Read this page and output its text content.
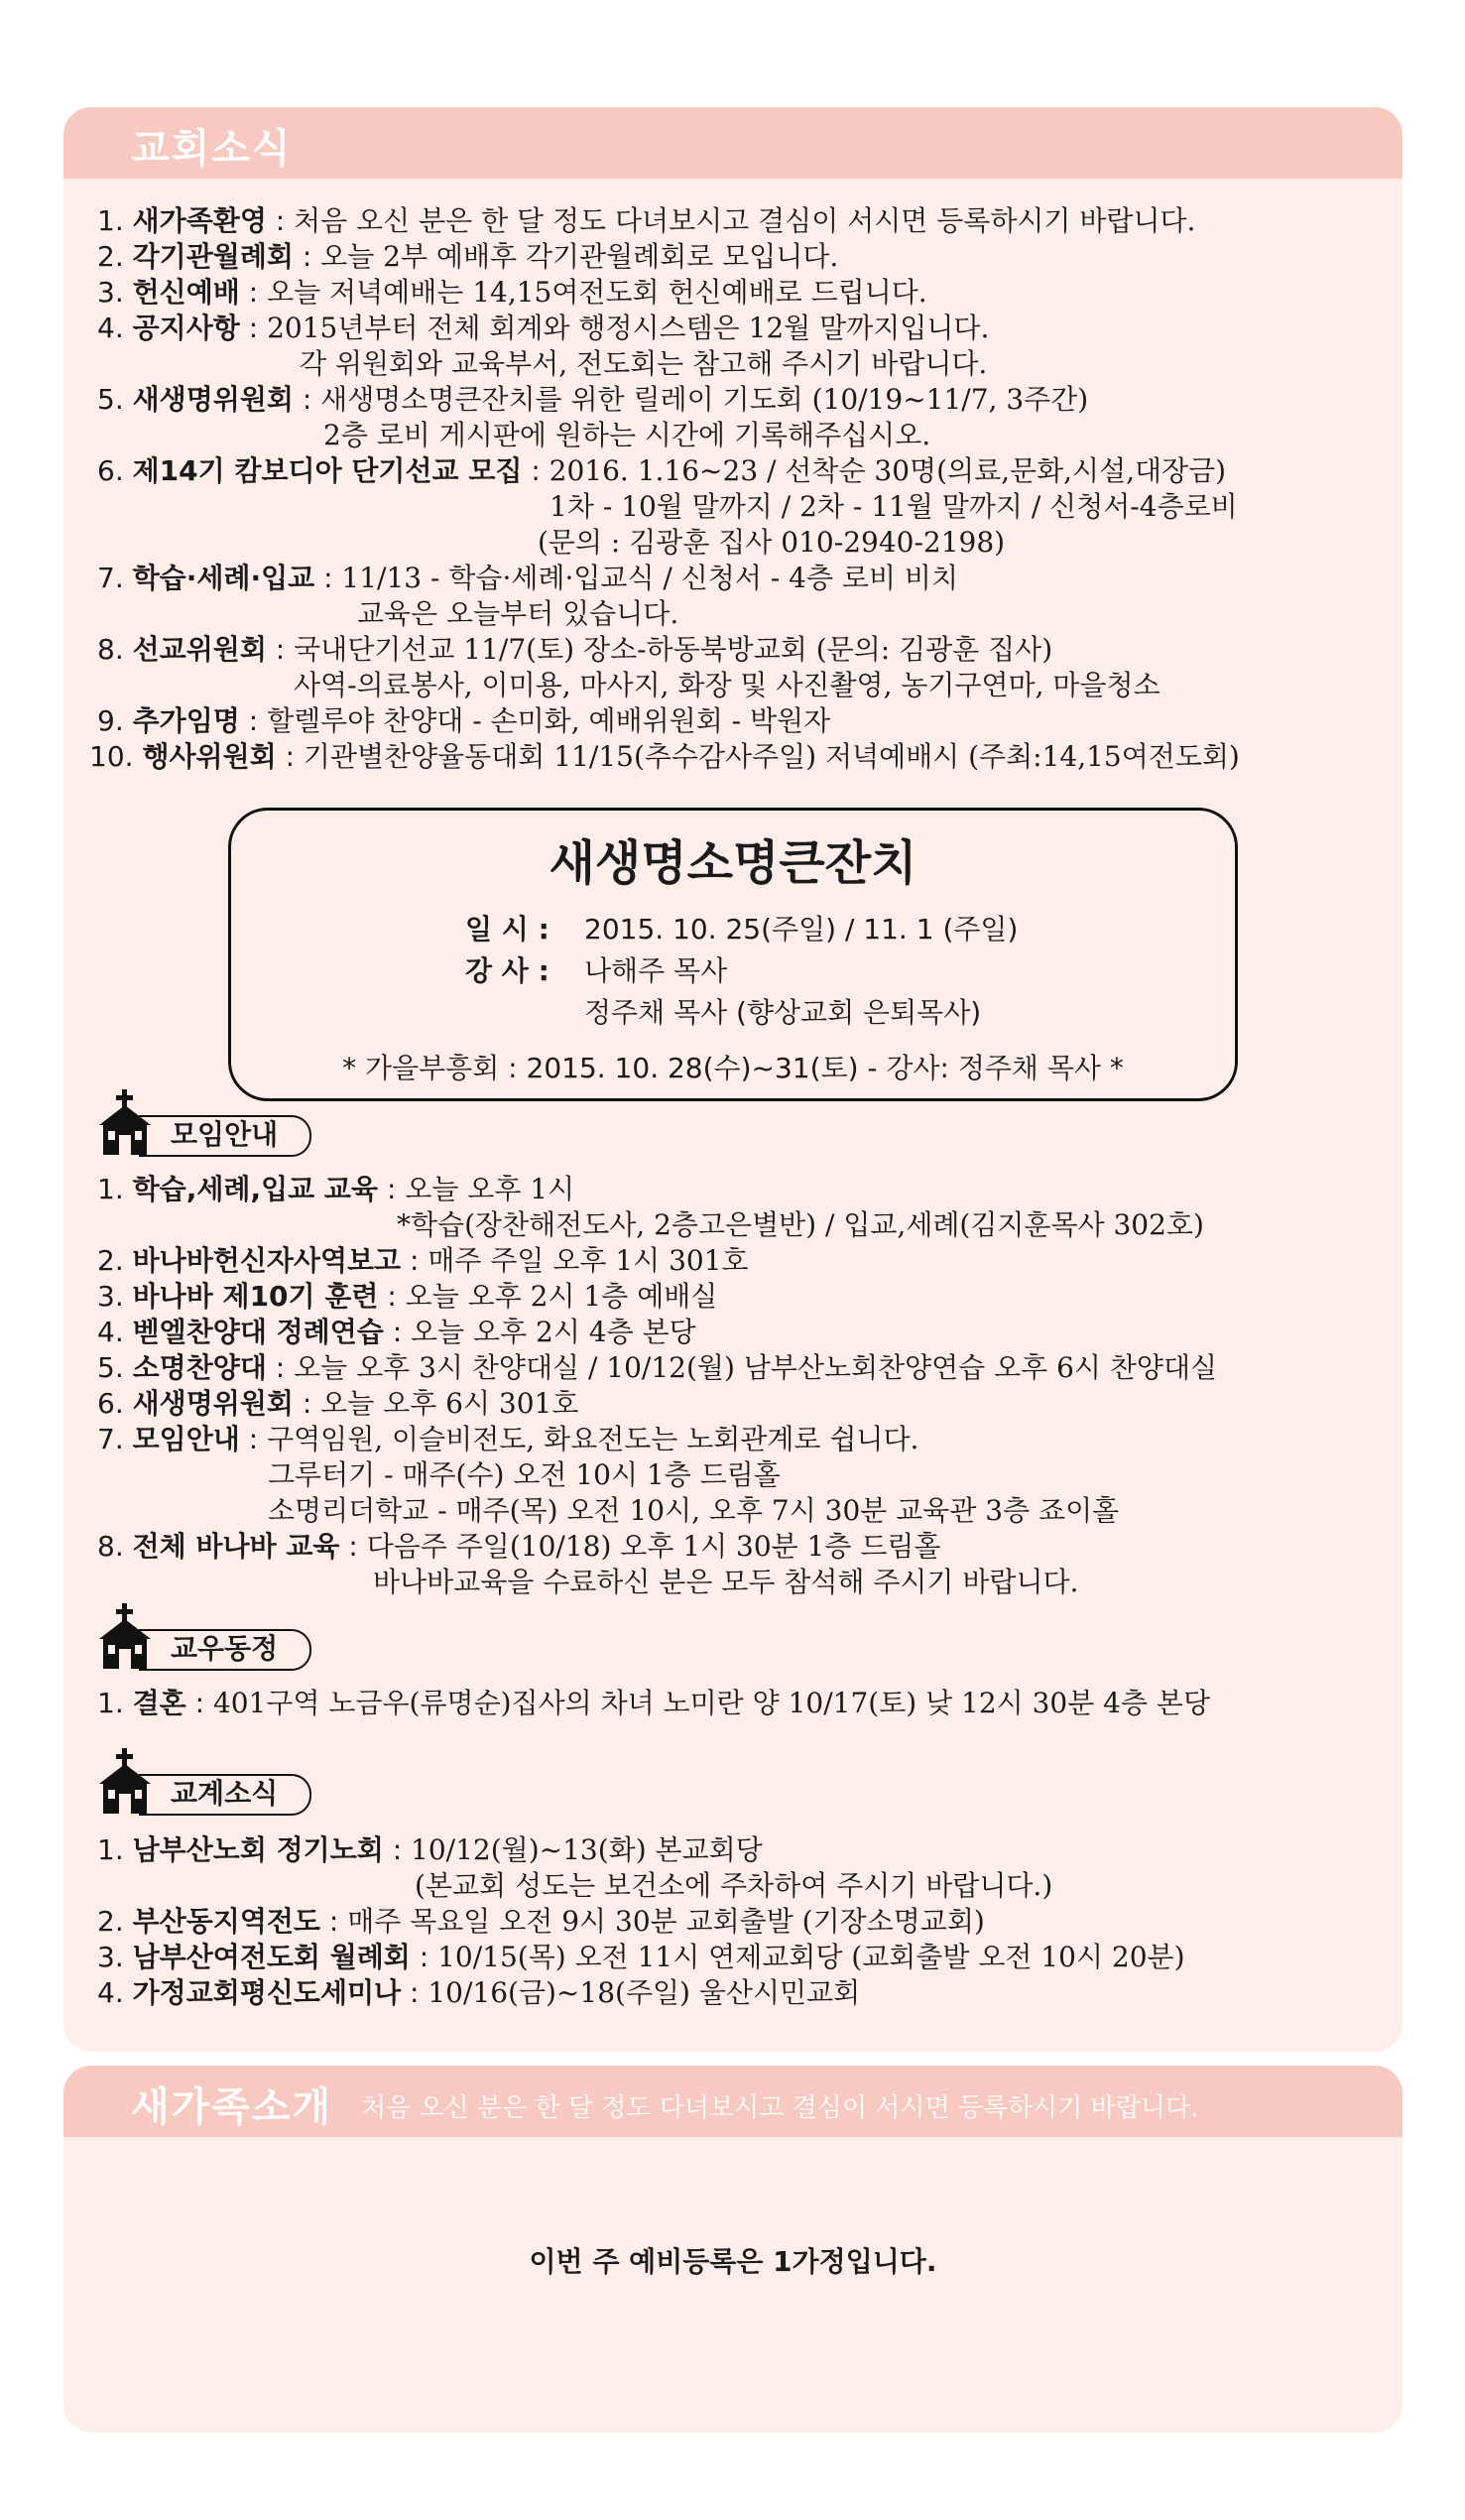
교회소식
1. 새가족환영 : 처음 오신 분은 한 달 정도 다녀보시고 결심이 서시면 등록하시기 바랍니다.
2. 각기관월례회 : 오늘 2부 예배후 각기관월례회로 모입니다.
3. 헌신예배 : 오늘 저녁예배는 14,15여전도회 헌신예배로 드립니다.
4. 공지사항 : 2015년부터 전체 회계와 행정시스템은 12월 말까지입니다.
각 위원회와 교육부서, 전도회는 참고해 주시기 바랍니다.
5. 새생명위원회 : 새생명소명큰잔치를 위한 릴레이 기도회 (10/19~11/7, 3주간)
2층 로비 게시판에 원하는 시간에 기록해주십시오.
6. 제14기 캄보디아 단기선교 모집 : 2016. 1.16~23 / 선착순 30명(의료,문화,시설,대장금)
1차 - 10월 말까지 / 2차 - 11월 말까지 / 신청서-4층로비
(문의 : 김광훈 집사 010-2940-2198)
7. 학습·세례·입교 : 11/13 - 학습·세례·입교식 / 신청서 - 4층 로비 비치
교육은 오늘부터 있습니다.
8. 선교위원회 : 국내단기선교 11/7(토) 장소-하동북방교회 (문의: 김광훈 집사)
사역-의료봉사, 이미용, 마사지, 화장 및 사진촬영, 농기구연마, 마을청소
9. 추가임명 : 할렐루야 찬양대 - 손미화, 예배위원회 - 박원자
10. 행사위원회 : 기관별찬양율동대회 11/15(추수감사주일) 저녁예배시 (주최:14,15여전도회)
새생명소명큰잔치
일 시 : 2015. 10. 25(주일) / 11. 1 (주일)
강 사 : 나해주 목사
정주채 목사 (향상교회 은퇴목사)
* 가을부흥회 : 2015. 10. 28(수)~31(토) - 강사: 정주채 목사 *
모임안내
1. 학습,세례,입교 교육 : 오늘 오후 1시
*학습(장찬해전도사, 2층고은별반) / 입교,세례(김지훈목사 302호)
2. 바나바헌신자사역보고 : 매주 주일 오후 1시 301호
3. 바나바 제10기 훈련 : 오늘 오후 2시 1층 예배실
4. 벧엘찬양대 정례연습 : 오늘 오후 2시 4층 본당
5. 소명찬양대 : 오늘 오후 3시 찬양대실 / 10/12(월) 남부산노회찬양연습 오후 6시 찬양대실
6. 새생명위원회 : 오늘 오후 6시 301호
7. 모임안내 : 구역임원, 이슬비전도, 화요전도는 노회관계로 쉽니다.
그루터기 - 매주(수) 오전 10시 1층 드림홀
소명리더학교 - 매주(목) 오전 10시, 오후 7시 30분 교육관 3층 죠이홀
8. 전체 바나바 교육 : 다음주 주일(10/18) 오후 1시 30분 1층 드림홀
바나바교육을 수료하신 분은 모두 참석해 주시기 바랍니다.
교우동정
1. 결혼 : 401구역 노금우(류명순)집사의 차녀 노미란 양 10/17(토) 낮 12시 30분 4층 본당
교계소식
1. 남부산노회 정기노회 : 10/12(월)~13(화) 본교회당
(본교회 성도는 보건소에 주차하여 주시기 바랍니다.)
2. 부산동지역전도 : 매주 목요일 오전 9시 30분 교회출발 (기장소명교회)
3. 남부산여전도회 월례회 : 10/15(목) 오전 11시 연제교회당 (교회출발 오전 10시 20분)
4. 가정교회평신도세미나 : 10/16(금)~18(주일) 울산시민교회
새가족소개 처음 오신 분은 한 달 정도 다녀보시고 결심이 서시면 등록하시기 바랍니다.
이번 주 예비등록은 1가정입니다.
